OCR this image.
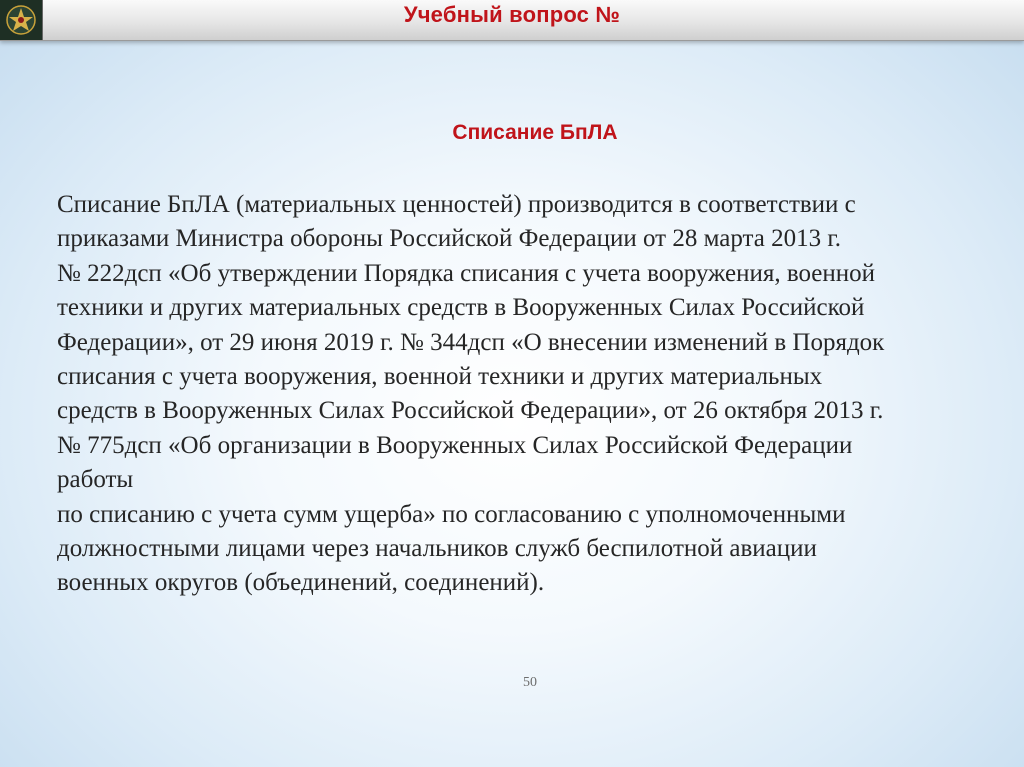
Учебный вопрос №
Списание БпЛА
Списание БпЛА (материальных ценностей) производится в соответствии с
приказами Министра обороны Российской Федерации от 28 марта 2013 г.
№ 222дсп «Об утверждении Порядка списания с учета вооружения, военной
техники и других материальных средств в Вооруженных Силах Российской
Федерации», от 29 июня 2019 г. № 344дсп «О внесении изменений в Порядок
списания с учета вооружения, военной техники и других материальных
средств в Вооруженных Силах Российской Федерации», от 26 октября 2013 г.
№ 775дсп «Об организации в Вооруженных Силах Российской Федерации
работы
по списанию с учета сумм ущерба» по согласованию с уполномоченными
должностными лицами через начальников служб беспилотной авиации
военных округов (объединений, соединений).
50
